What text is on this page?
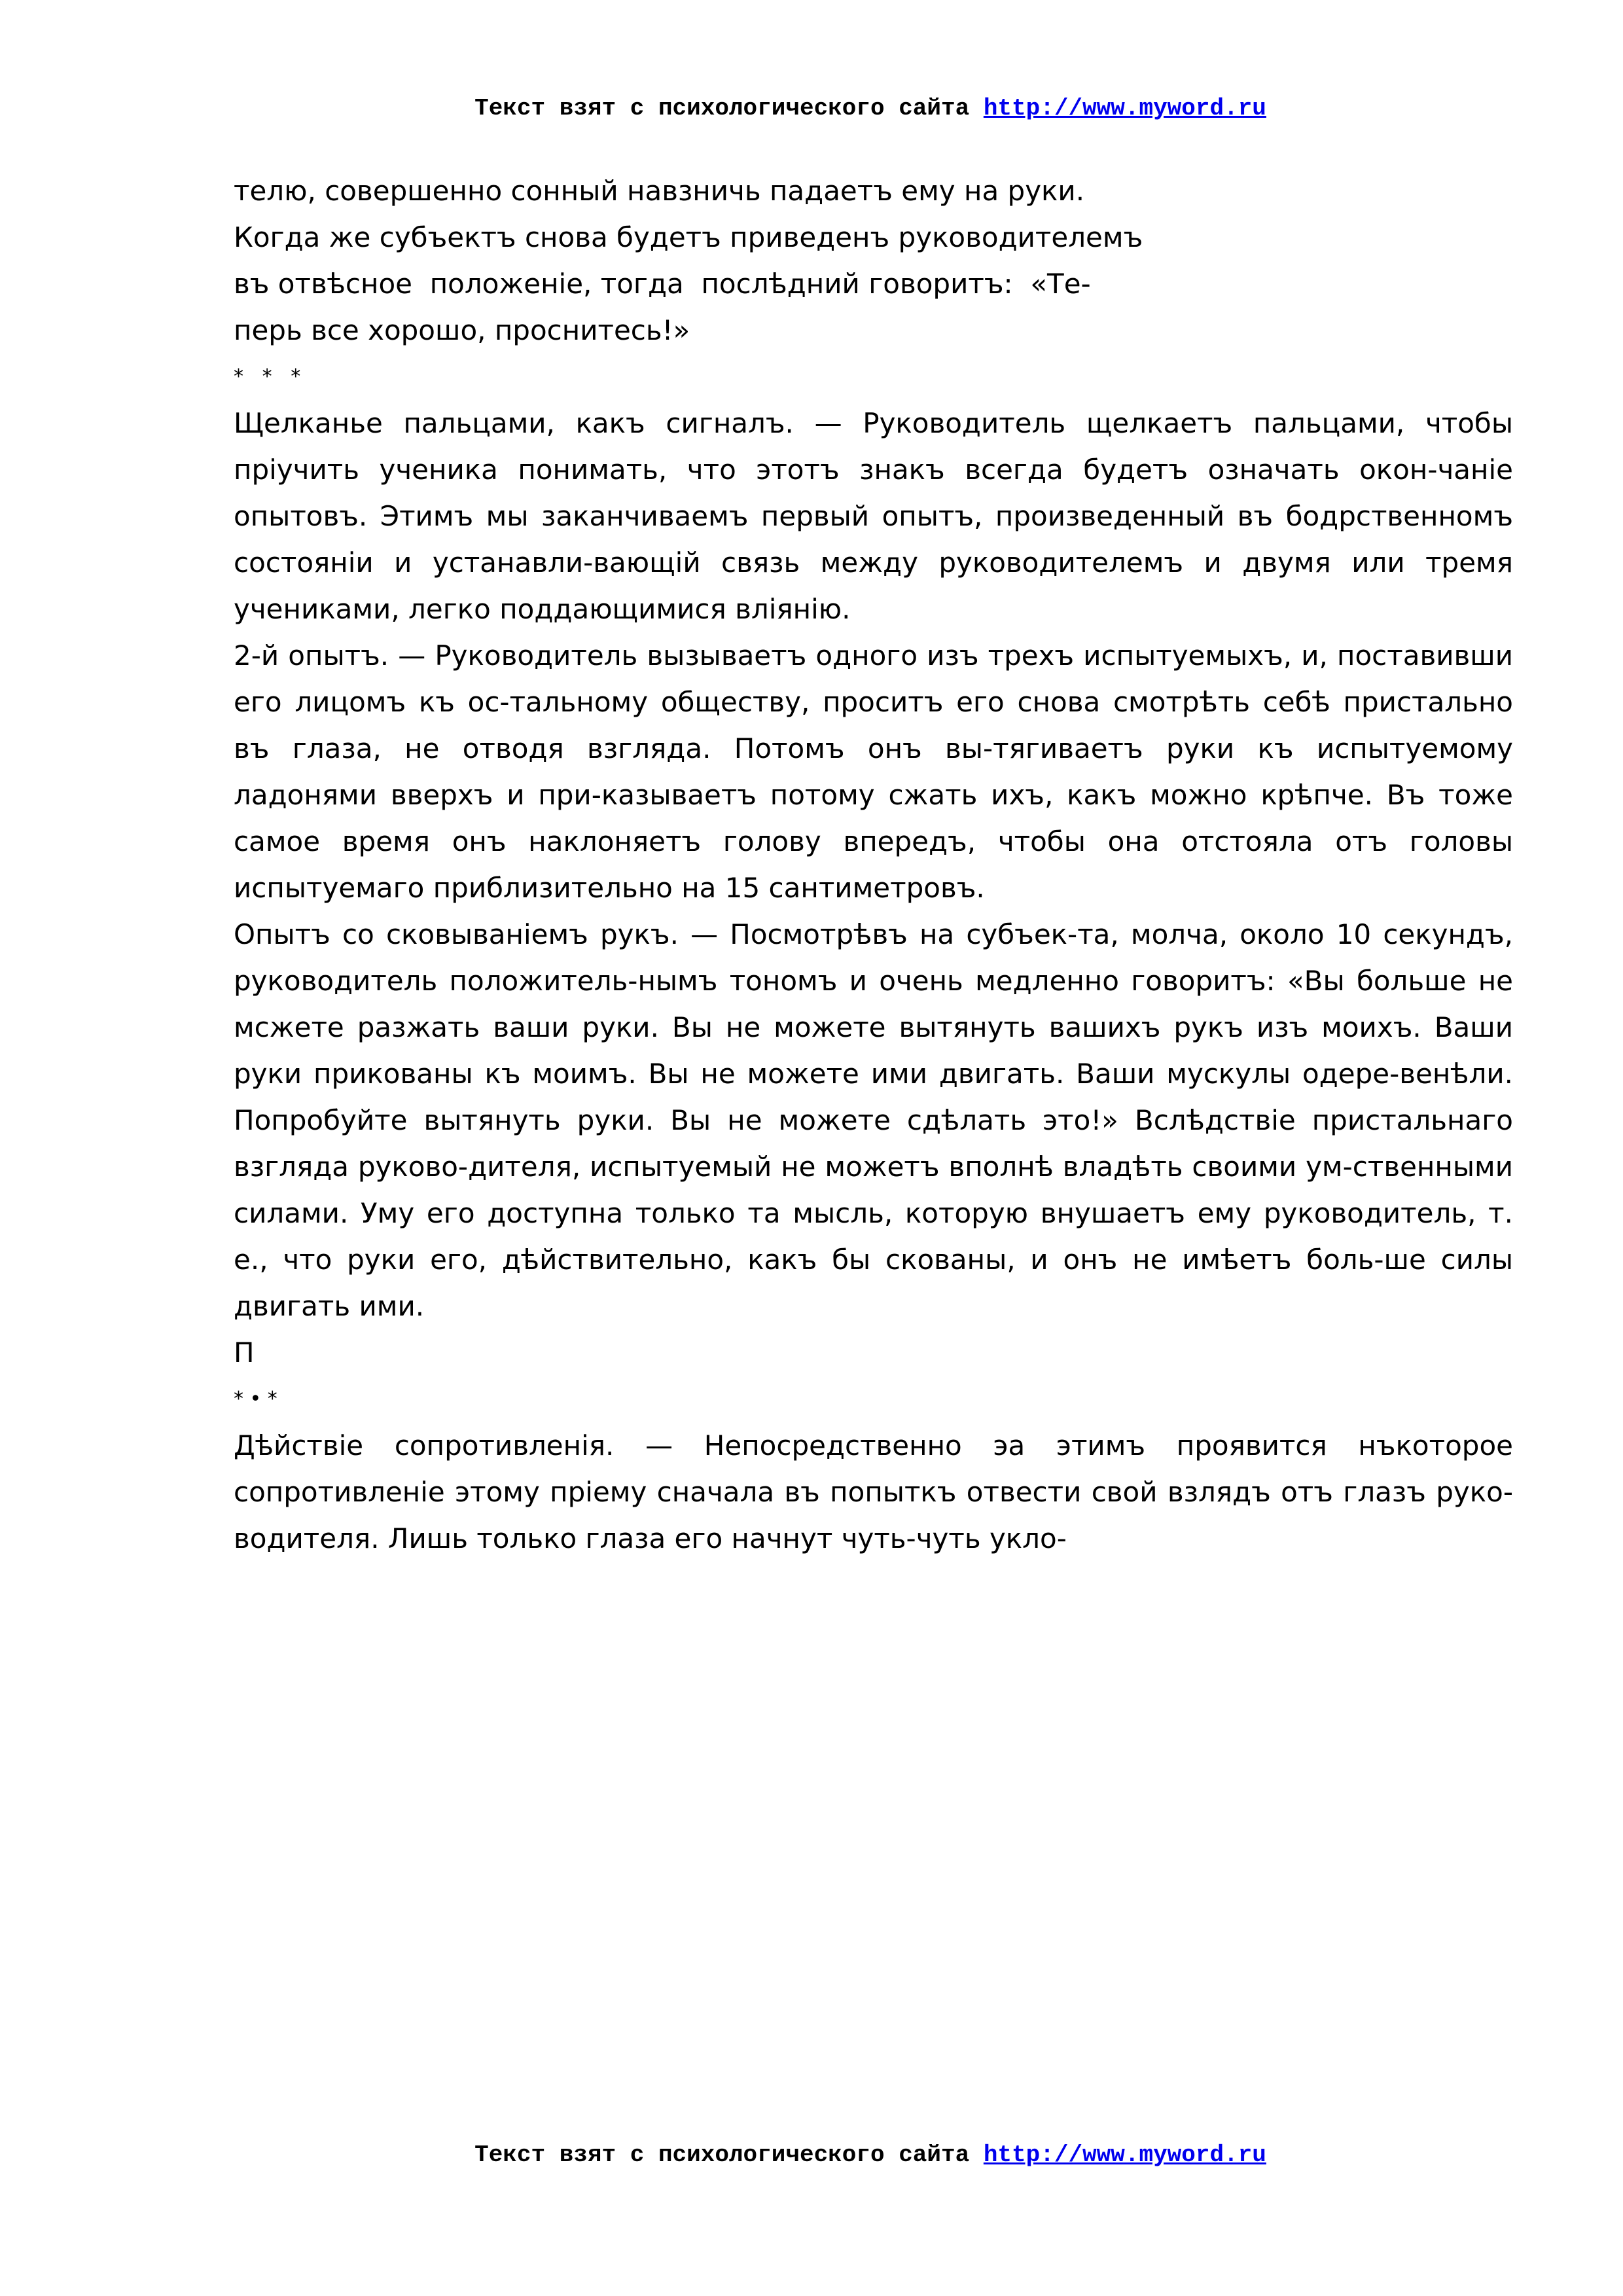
Текст взят с психологического сайта http://www.myword.ru

телю, совершенно сонный навзничь падаетъ ему на руки.

Когда же субъектъ снова будетъ приведенъ руководителемъ

въ отвѣсное  положеніе, тогда  послѣдний говоритъ:  «Те-

перь все хорошо, проснитесь!»

*   *   *

Щелканье пальцами, какъ сигналъ. — Руководитель щелкаетъ пальцами, чтобы пріучить ученика понимать, что этотъ знакъ всегда будетъ означать окон-чаніе опытовъ. Этимъ мы заканчиваемъ первый опытъ, произведенный въ бодрственномъ состояніи и устанавли-вающій связь между руководителемъ и двумя или тремя учениками, легко поддающимися вліянію.

2-й опытъ. — Руководитель вызываетъ одного изъ трехъ испытуемыхъ, и, поставивши его лицомъ къ ос-тальному обществу, проситъ его снова смотрѣть себѣ пристально въ глаза, не отводя взгляда. Потомъ онъ вы-тягиваетъ руки къ испытуемому ладонями вверхъ и при-казываетъ потому сжать ихъ, какъ можно крѣпче. Въ тоже самое время онъ наклоняетъ голову впередъ, чтобы она отстояла отъ головы испытуемаго приблизительно на 15 сантиметровъ.

Опытъ со сковываніемъ рукъ. — Посмотрѣвъ на субъек-та, молча, около 10 секундъ, руководитель положитель-нымъ тономъ и очень медленно говоритъ: «Вы больше не мсжете разжать ваши руки. Вы не можете вытянуть вашихъ рукъ изъ моихъ. Ваши руки прикованы къ моимъ. Вы не можете ими двигать. Ваши мускулы одере-венѣли. Попробуйте вытянуть руки. Вы не можете сдѣлать это!» Вслѣдствіе пристальнаго взгляда руково-дителя, испытуемый не можетъ вполнѣ владѣть своими ум-ственными силами. Уму его доступна только та мысль, которую внушаетъ ему руководитель, т. е., что руки его, дѣйствительно, какъ бы скованы, и онъ не имѣетъ боль-ше силы двигать ими.

П

* • *

Дѣйствіе сопротивленія. — Непосредственно эа этимъ проявится нъкоторое сопротивленіе этому пріему сначала въ попыткъ отвести свой взлядъ отъ глазъ руко-водителя. Лишь только глаза его начнут чуть-чуть укло-

Текст взят с психологического сайта http://www.myword.ru
